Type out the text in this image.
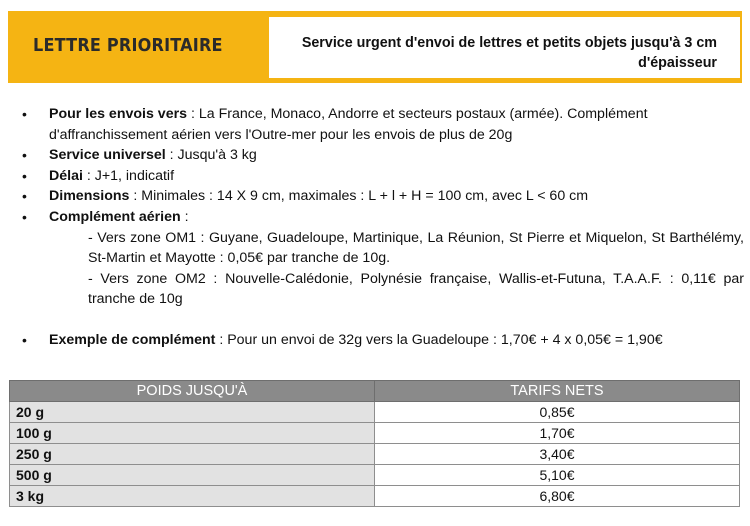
LETTRE PRIORITAIRE	Service urgent d'envoi de lettres et petits objets jusqu'à 3 cm d'épaisseur
• Pour les envois vers : La France, Monaco, Andorre et secteurs postaux (armée). Complément d'affranchissement aérien vers l'Outre-mer pour les envois de plus de 20g
• Service universel : Jusqu'à 3 kg
• Délai : J+1, indicatif
• Dimensions : Minimales : 14 X 9 cm, maximales : L + l + H = 100 cm, avec L < 60 cm
• Complément aérien :
- Vers zone OM1 : Guyane, Guadeloupe, Martinique, La Réunion, St Pierre et Miquelon, St Barthélémy, St-Martin et Mayotte : 0,05€ par tranche de 10g.
- Vers zone OM2 : Nouvelle-Calédonie, Polynésie française, Wallis-et-Futuna, T.A.A.F. : 0,11€ par tranche de 10g
• Exemple de complément : Pour un envoi de 32g vers la Guadeloupe : 1,70€ + 4 x 0,05€ = 1,90€
POIDS JUSQU'À	TARIFS NETS
20 g	0,85€
100 g	1,70€
250 g	3,40€
500 g	5,10€
3 kg	6,80€
